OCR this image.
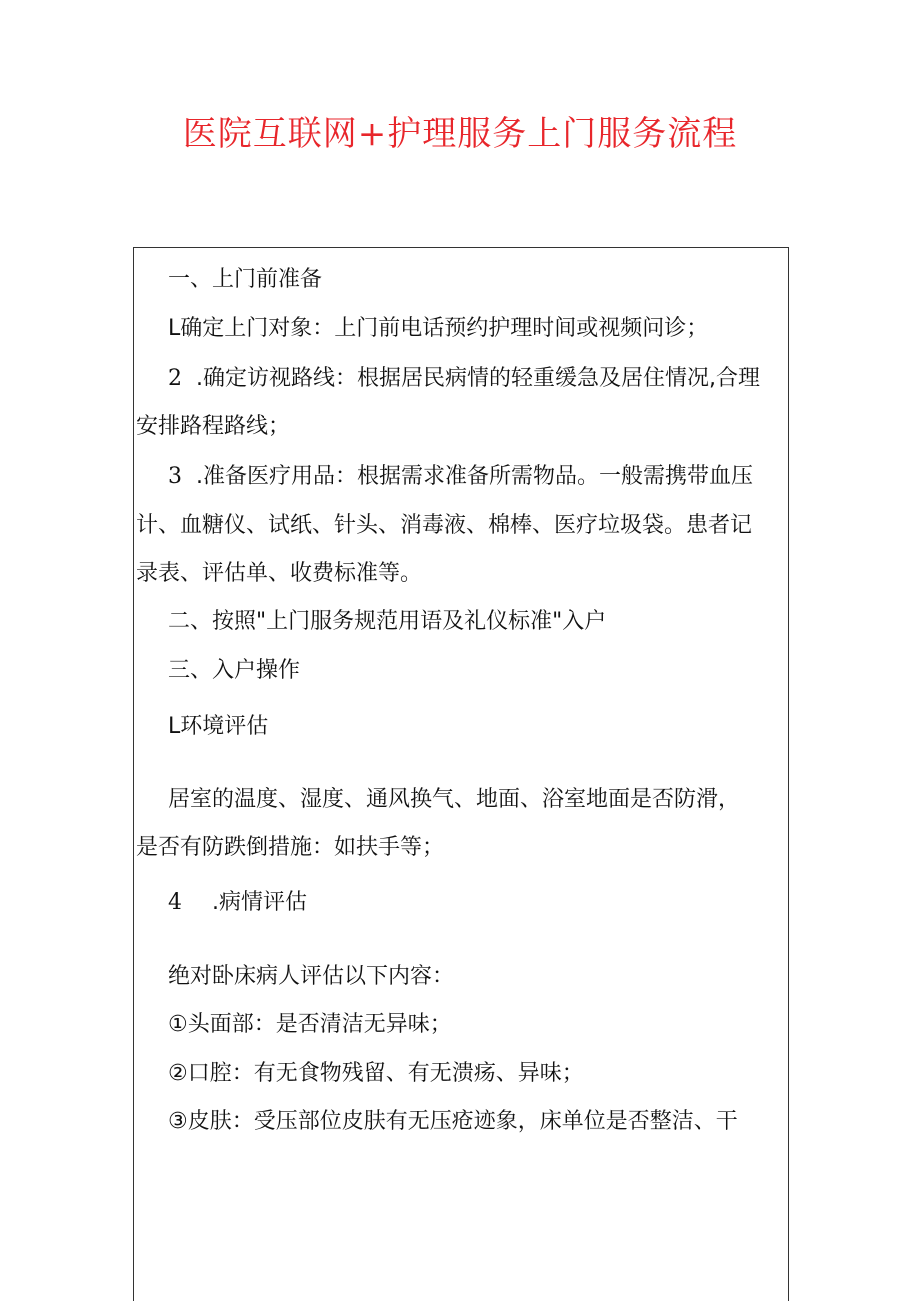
医院互联网+护理服务上门服务流程
一、上门前准备
L确定上门对象：上门前电话预约护理时间或视频问诊；
2 .确定访视路线：根据居民病情的轻重缓急及居住情况,合理
安排路程路线；
3 .准备医疗用品：根据需求准备所需物品。一般需携带血压
计、血糖仪、试纸、针头、消毒液、棉棒、医疗垃圾袋。患者记
录表、评估单、收费标准等。
二、按照"上门服务规范用语及礼仪标准"入户
三、入户操作
L环境评估
居室的温度、湿度、通风换气、地面、浴室地面是否防滑，
是否有防跌倒措施：如扶手等；
4 .病情评估
绝对卧床病人评估以下内容：
①头面部：是否清洁无异味；
②口腔：有无食物残留、有无溃疡、异味；
③皮肤：受压部位皮肤有无压疮迹象，床单位是否整洁、干
